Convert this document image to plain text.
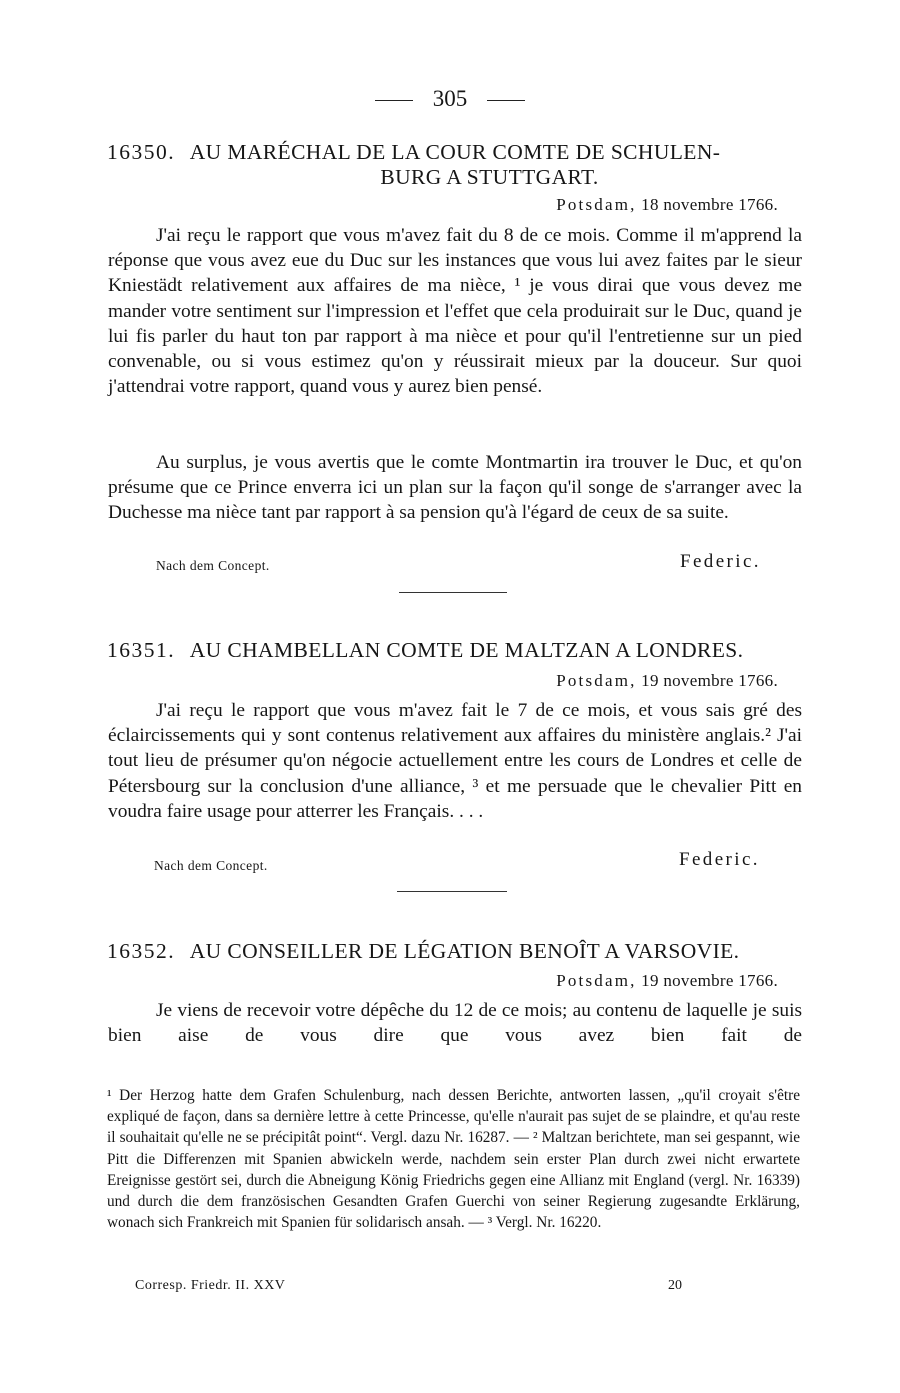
305
16350. AU MARÉCHAL DE LA COUR COMTE DE SCHULEN-
BURG A STUTTGART.
Potsdam, 18 novembre 1766.

J'ai reçu le rapport que vous m'avez fait du 8 de ce mois. Comme il m'apprend la réponse que vous avez eue du Duc sur les instances que vous lui avez faites par le sieur Kniestädt relativement aux affaires de ma nièce, ¹ je vous dirai que vous devez me mander votre sentiment sur l'impression et l'effet que cela produirait sur le Duc, quand je lui fis parler du haut ton par rapport à ma nièce et pour qu'il l'entretienne sur un pied convenable, ou si vous estimez qu'on y réussirait mieux par la douceur. Sur quoi j'attendrai votre rapport, quand vous y aurez bien pensé.

Au surplus, je vous avertis que le comte Montmartin ira trouver le Duc, et qu'on présume que ce Prince enverra ici un plan sur la façon qu'il songe de s'arranger avec la Duchesse ma nièce tant par rapport à sa pension qu'à l'égard de ceux de sa suite.

Nach dem Concept.	Federic.
16351. AU CHAMBELLAN COMTE DE MALTZAN A LONDRES.
Potsdam, 19 novembre 1766.

J'ai reçu le rapport que vous m'avez fait le 7 de ce mois, et vous sais gré des éclaircissements qui y sont contenus relativement aux affaires du ministère anglais.² J'ai tout lieu de présumer qu'on négocie actuellement entre les cours de Londres et celle de Pétersbourg sur la conclusion d'une alliance, ³ et me persuade que le chevalier Pitt en voudra faire usage pour atterrer les Français. . . .

Nach dem Concept.	Federic.
16352. AU CONSEILLER DE LÉGATION BENOÎT A VARSOVIE.
Potsdam, 19 novembre 1766.

Je viens de recevoir votre dépêche du 12 de ce mois; au contenu de laquelle je suis bien aise de vous dire que vous avez bien fait de

¹ Der Herzog hatte dem Grafen Schulenburg, nach dessen Berichte, antworten lassen, „qu'il croyait s'être expliqué de façon, dans sa dernière lettre à cette Princesse, qu'elle n'aurait pas sujet de se plaindre, et qu'au reste il souhaitait qu'elle ne se précipitât point“. Vergl. dazu Nr. 16287. — ² Maltzan berichtete, man sei gespannt, wie Pitt die Differenzen mit Spanien abwickeln werde, nachdem sein erster Plan durch zwei nicht erwartete Ereignisse gestört sei, durch die Abneigung König Friedrichs gegen eine Allianz mit England (vergl. Nr. 16339) und durch die dem französischen Gesandten Grafen Guerchi von seiner Regierung zugesandte Erklärung, wonach sich Frankreich mit Spanien für solidarisch ansah. — ³ Vergl. Nr. 16220.

Corresp. Friedr. II. XXV	20
